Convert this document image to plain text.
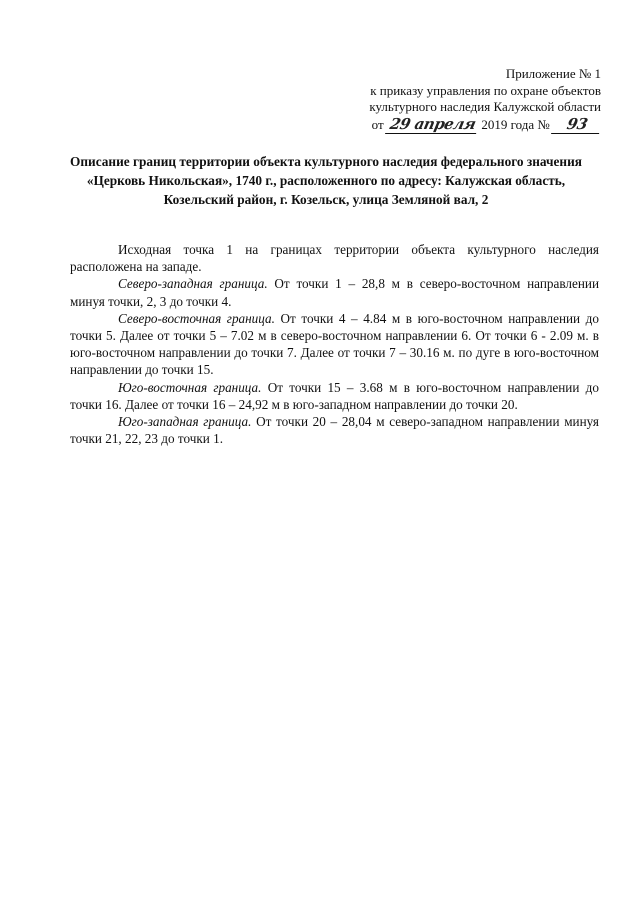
Приложение № 1
к приказу управления по охране объектов
культурного наследия Калужской области
от 29 апреля 2019 года № 93
Описание границ территории объекта культурного наследия федерального значения «Церковь Никольская», 1740 г., расположенного по адресу: Калужская область, Козельский район, г. Козельск, улица Земляной вал, 2

Исходная точка 1 на границах территории объекта культурного наследия расположена на западе.

Северо-западная граница. От точки 1 – 28,8 м в северо-восточном направлении минуя точки, 2, 3 до точки 4.

Северо-восточная граница. От точки 4 – 4.84 м в юго-восточном направлении до точки 5. Далее от точки 5 – 7.02 м в северо-восточном направлении 6. От точки 6 - 2.09 м. в юго-восточном направлении до точки 7. Далее от точки 7 – 30.16 м. по дуге в юго-восточном направлении до точки 15.

Юго-восточная граница. От точки 15 – 3.68 м в юго-восточном направлении до точки 16. Далее от точки 16 – 24,92 м в юго-западном направлении до точки 20.

Юго-западная граница. От точки 20 – 28,04 м северо-западном направлении минуя точки 21, 22, 23 до точки 1.
